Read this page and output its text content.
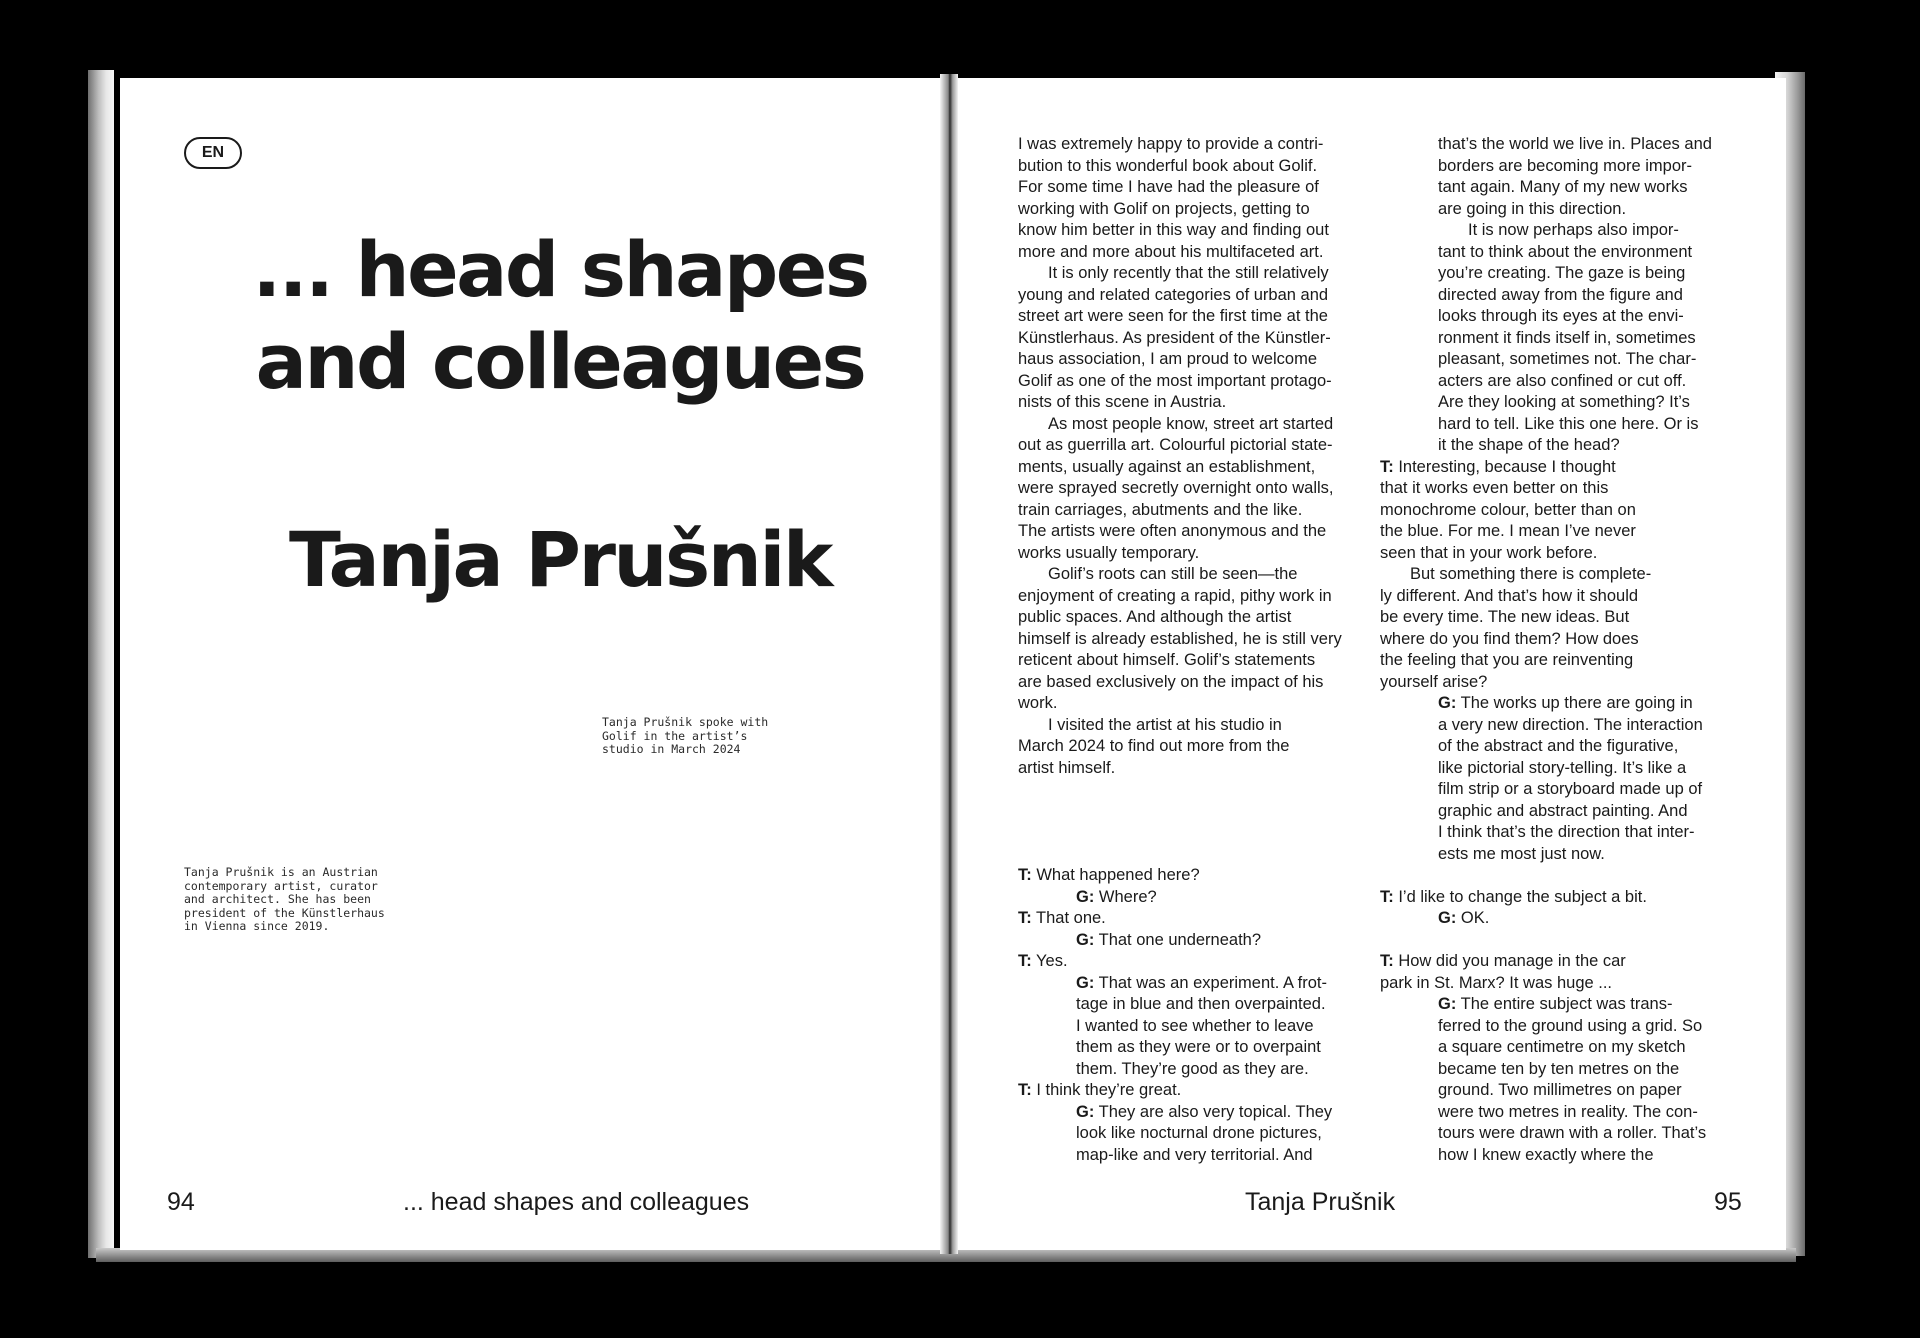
EN
... head shapes
and colleagues
Tanja Prušnik
Tanja Prušnik spoke with
Golif in the artist’s
studio in March 2024
Tanja Prušnik is an Austrian
contemporary artist, curator
and architect. She has been
president of the Künstlerhaus
in Vienna since 2019.
94	... head shapes and colleagues
I was extremely happy to provide a contri-
bution to this wonderful book about Golif.
For some time I have had the pleasure of
working with Golif on projects, getting to
know him better in this way and finding out
more and more about his multifaceted art.
It is only recently that the still relatively
young and related categories of urban and
street art were seen for the first time at the
Künstlerhaus. As president of the Künstler-
haus association, I am proud to welcome
Golif as one of the most important protago-
nists of this scene in Austria.
As most people know, street art started
out as guerrilla art. Colourful pictorial state-
ments, usually against an establishment,
were sprayed secretly overnight onto walls,
train carriages, abutments and the like.
The artists were often anonymous and the
works usually temporary.
Golif’s roots can still be seen—the
enjoyment of creating a rapid, pithy work in
public spaces. And although the artist
himself is already established, he is still very
reticent about himself. Golif’s statements
are based exclusively on the impact of his
work.
I visited the artist at his studio in
March 2024 to find out more from the
artist himself.
T: What happened here?
G: Where?
T: That one.
G: That one underneath?
T: Yes.
G: That was an experiment. A frot-
tage in blue and then overpainted.
I wanted to see whether to leave
them as they were or to overpaint
them. They’re good as they are.
T: I think they’re great.
G: They are also very topical. They
look like nocturnal drone pictures,
map-like and very territorial. And
that’s the world we live in. Places and
borders are becoming more impor-
tant again. Many of my new works
are going in this direction.
It is now perhaps also impor-
tant to think about the environment
you’re creating. The gaze is being
directed away from the figure and
looks through its eyes at the envi-
ronment it finds itself in, sometimes
pleasant, sometimes not. The char-
acters are also confined or cut off.
Are they looking at something? It’s
hard to tell. Like this one here. Or is
it the shape of the head?
T: Interesting, because I thought
that it works even better on this
monochrome colour, better than on
the blue. For me. I mean I’ve never
seen that in your work before.
But something there is complete-
ly different. And that’s how it should
be every time. The new ideas. But
where do you find them? How does
the feeling that you are reinventing
yourself arise?
G: The works up there are going in
a very new direction. The interaction
of the abstract and the figurative,
like pictorial story-telling. It’s like a
film strip or a storyboard made up of
graphic and abstract painting. And
I think that’s the direction that inter-
ests me most just now.
T: I’d like to change the subject a bit.
G: OK.
T: How did you manage in the car
park in St. Marx? It was huge ...
G: The entire subject was trans-
ferred to the ground using a grid. So
a square centimetre on my sketch
became ten by ten metres on the
ground. Two millimetres on paper
were two metres in reality. The con-
tours were drawn with a roller. That’s
how I knew exactly where the
Tanja Prušnik	95
